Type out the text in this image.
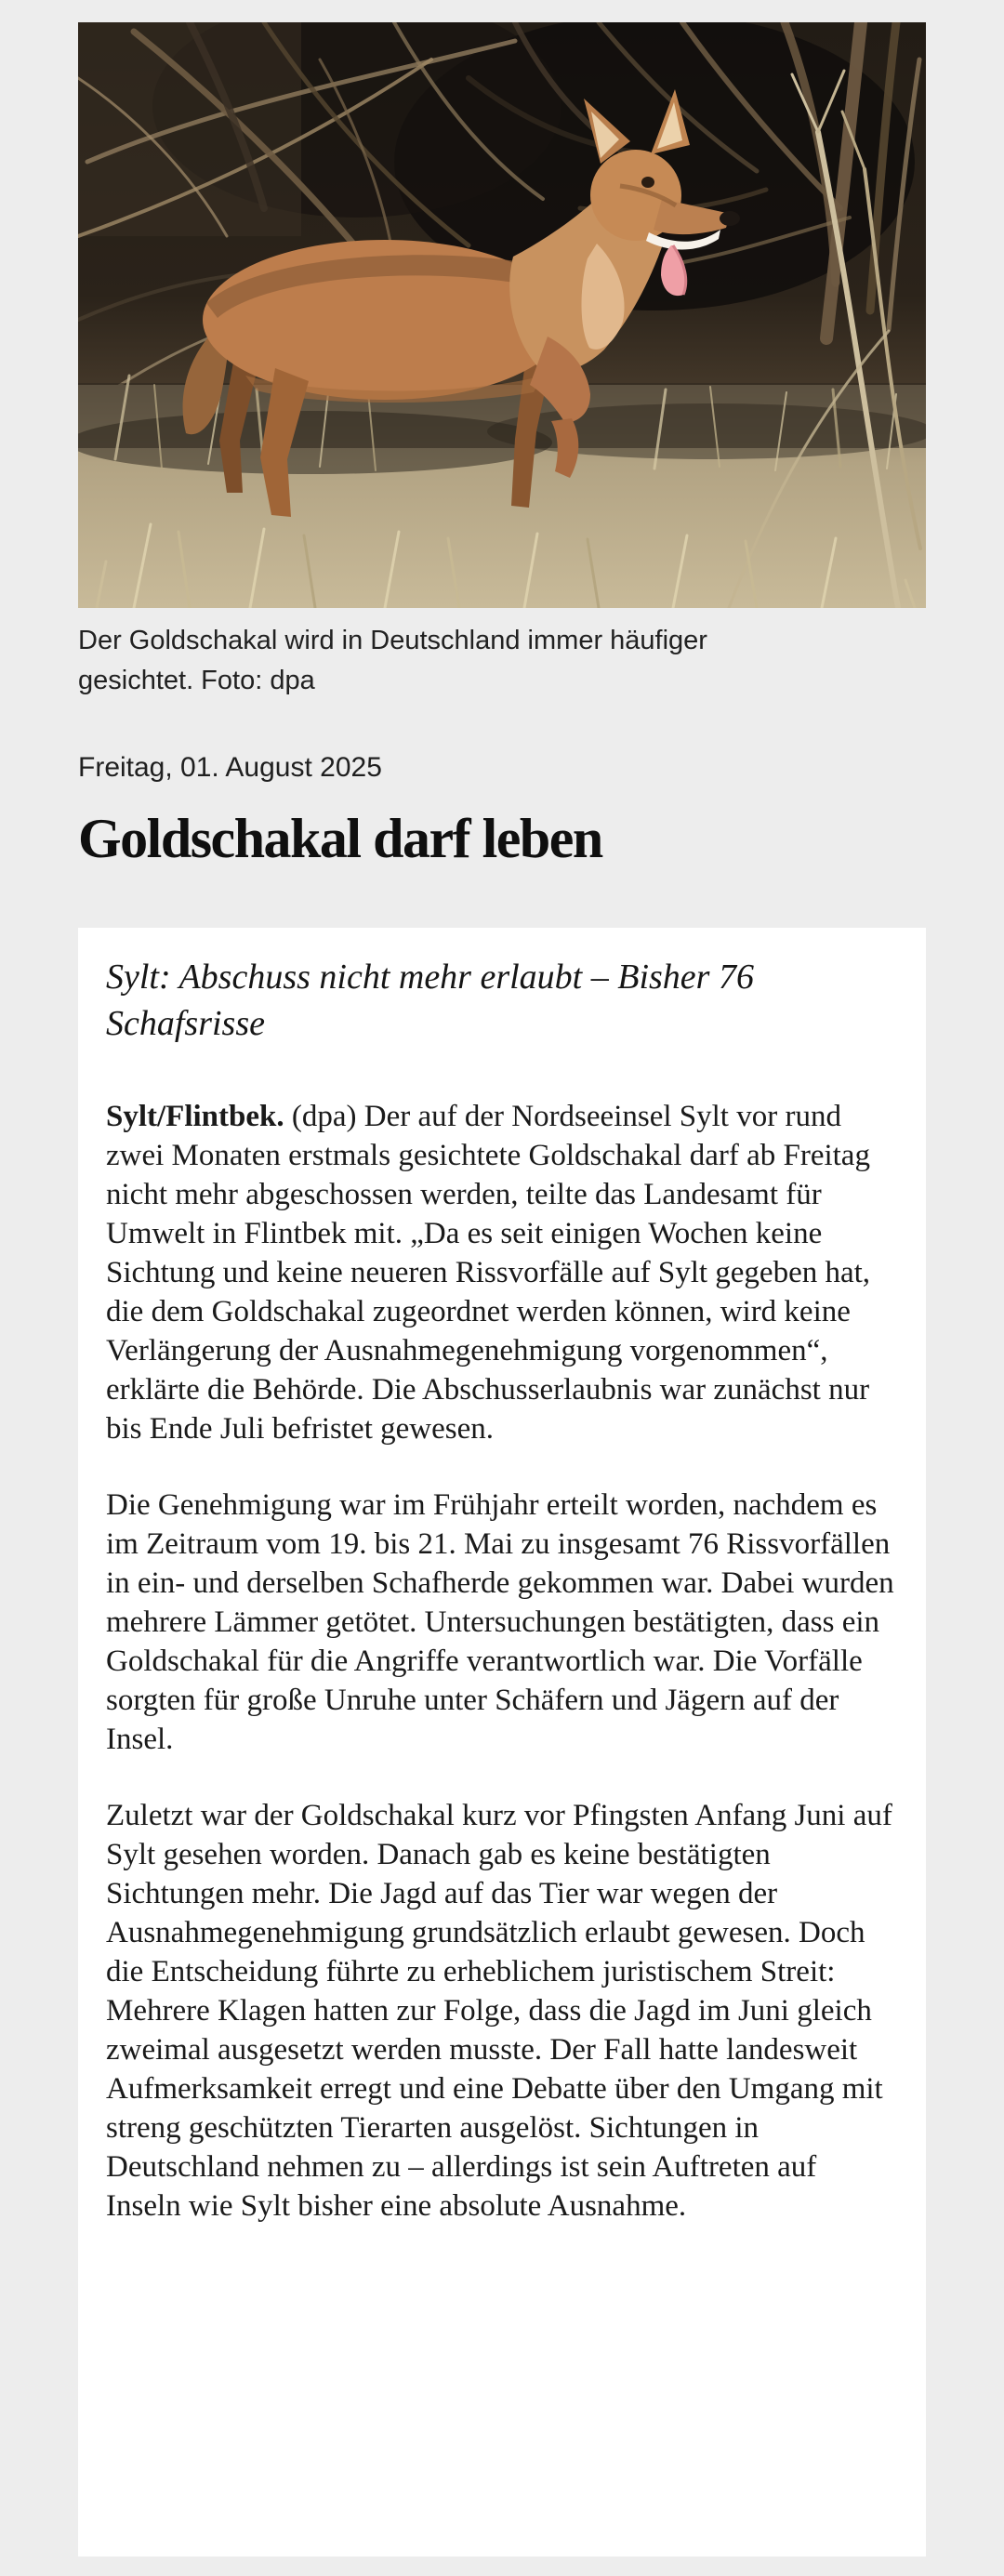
Der Goldschakal wird in Deutschland immer häufiger gesichtet. Foto: dpa
Freitag, 01. August 2025
Goldschakal darf leben
Sylt: Abschuss nicht mehr erlaubt – Bisher 76 Schafsrisse

Sylt/Flintbek. (dpa) Der auf der Nordseeinsel Sylt vor rund zwei Monaten erstmals gesichtete Goldschakal darf ab Freitag nicht mehr abgeschossen werden, teilte das Landesamt für Umwelt in Flintbek mit. „Da es seit einigen Wochen keine Sichtung und keine neueren Rissvorfälle auf Sylt gegeben hat, die dem Goldschakal zugeordnet werden können, wird keine Verlängerung der Ausnahmegenehmigung vorgenommen“, erklärte die Behörde. Die Abschusserlaubnis war zunächst nur bis Ende Juli befristet gewesen.

Die Genehmigung war im Frühjahr erteilt worden, nachdem es im Zeitraum vom 19. bis 21. Mai zu insgesamt 76 Rissvorfällen in ein- und derselben Schafherde gekommen war. Dabei wurden mehrere Lämmer getötet. Untersuchungen bestätigten, dass ein Goldschakal für die Angriffe verantwortlich war. Die Vorfälle sorgten für große Unruhe unter Schäfern und Jägern auf der Insel.

Zuletzt war der Goldschakal kurz vor Pfingsten Anfang Juni auf Sylt gesehen worden. Danach gab es keine bestätigten Sichtungen mehr. Die Jagd auf das Tier war wegen der Ausnahmegenehmigung grundsätzlich erlaubt gewesen. Doch die Entscheidung führte zu erheblichem juristischem Streit: Mehrere Klagen hatten zur Folge, dass die Jagd im Juni gleich zweimal ausgesetzt werden musste. Der Fall hatte landesweit Aufmerksamkeit erregt und eine Debatte über den Umgang mit streng geschützten Tierarten ausgelöst. Sichtungen in Deutschland nehmen zu – allerdings ist sein Auftreten auf Inseln wie Sylt bisher eine absolute Ausnahme.
